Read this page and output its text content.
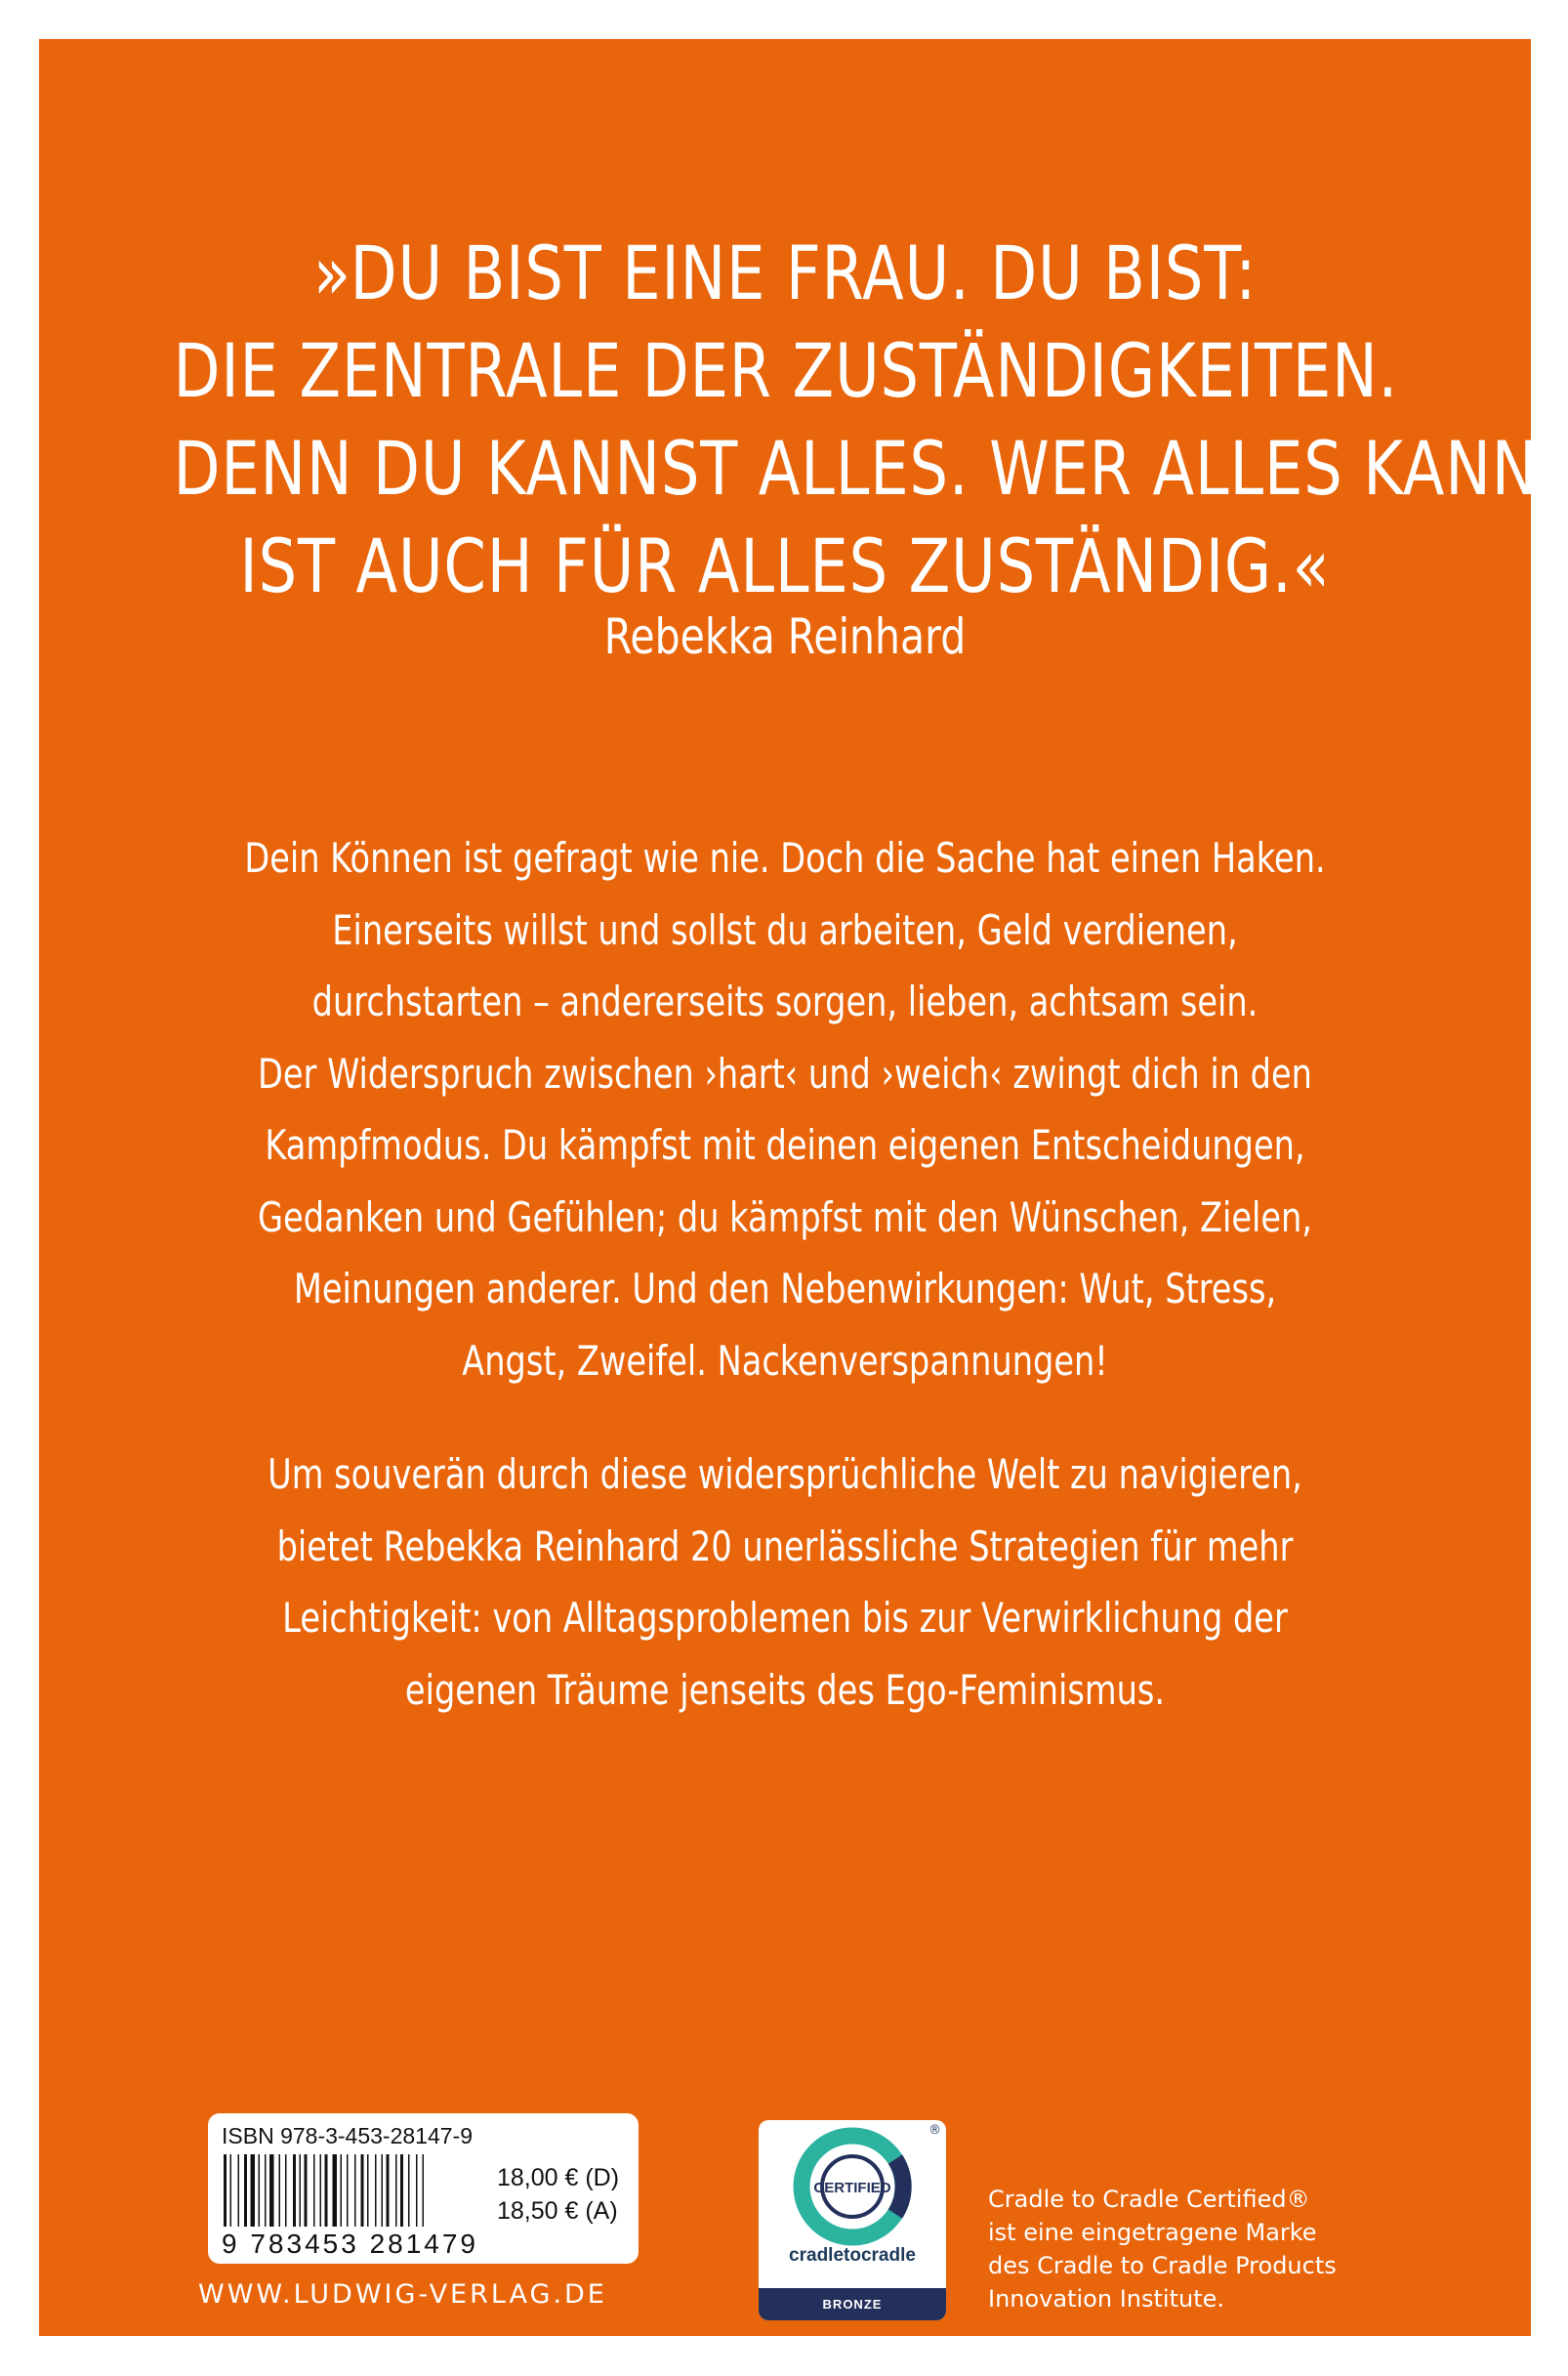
»DU BIST EINE FRAU. DU BIST:
DIE ZENTRALE DER ZUSTÄNDIGKEITEN.
DENN DU KANNST ALLES. WER ALLES KANN,
IST AUCH FÜR ALLES ZUSTÄNDIG.«
Rebekka Reinhard
Dein Können ist gefragt wie nie. Doch die Sache hat einen Haken.
Einerseits willst und sollst du arbeiten, Geld verdienen,
durchstarten – andererseits sorgen, lieben, achtsam sein.
Der Widerspruch zwischen ›hart‹ und ›weich‹ zwingt dich in den
Kampfmodus. Du kämpfst mit deinen eigenen Entscheidungen,
Gedanken und Gefühlen; du kämpfst mit den Wünschen, Zielen,
Meinungen anderer. Und den Nebenwirkungen: Wut, Stress,
Angst, Zweifel. Nackenverspannungen!
Um souverän durch diese widersprüchliche Welt zu navigieren,
bietet Rebekka Reinhard 20 unerlässliche Strategien für mehr
Leichtigkeit: von Alltagsproblemen bis zur Verwirklichung der
eigenen Träume jenseits des Ego-Feminismus.
ISBN 978-3-453-28147-9
9 783453 281479
18,00 € (D)
18,50 € (A)
WWW.LUDWIG-VERLAG.DE
®
CERTIFIED
cradletocradle
BRONZE
Cradle to Cradle Certified®
ist eine eingetragene Marke
des Cradle to Cradle Products
Innovation Institute.
